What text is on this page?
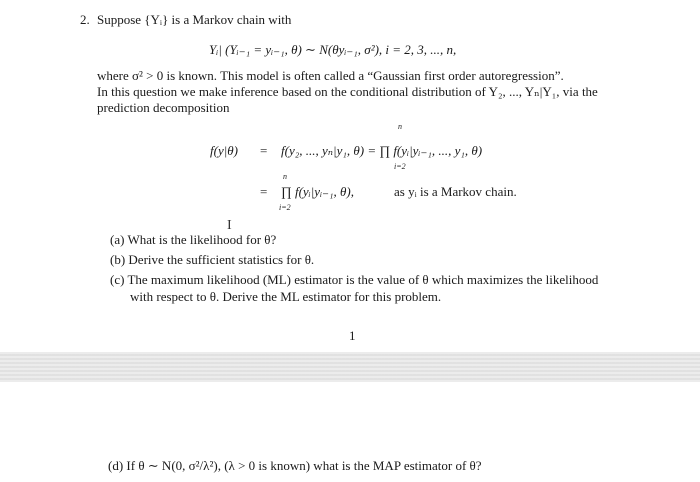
2. Suppose {Yᵢ} is a Markov chain with
Yᵢ| (Yᵢ₋₁ = yᵢ₋₁, θ) ∼ N(θyᵢ₋₁, σ²), i = 2, 3, ..., n,
where σ² > 0 is known. This model is often called a “Gaussian first order autoregression”.
In this question we make inference based on the conditional distribution of Y₂, ..., Yₙ|Y₁, via the
prediction decomposition
f(y|θ) = f(y₂, ..., yₙ|y₁, θ) = ∏ f(yᵢ|yᵢ₋₁, ..., y₁, θ)
n
i=2
n
= ∏ f(yᵢ|yᵢ₋₁, θ),
i=2
as yᵢ is a Markov chain.
(a) What is the likelihood for θ?
I
(b) Derive the sufficient statistics for θ.
(c) The maximum likelihood (ML) estimator is the value of θ which maximizes the likelihood
with respect to θ. Derive the ML estimator for this problem.
1
(d) If θ ∼ N(0, σ²/λ²), (λ > 0 is known) what is the MAP estimator of θ?
